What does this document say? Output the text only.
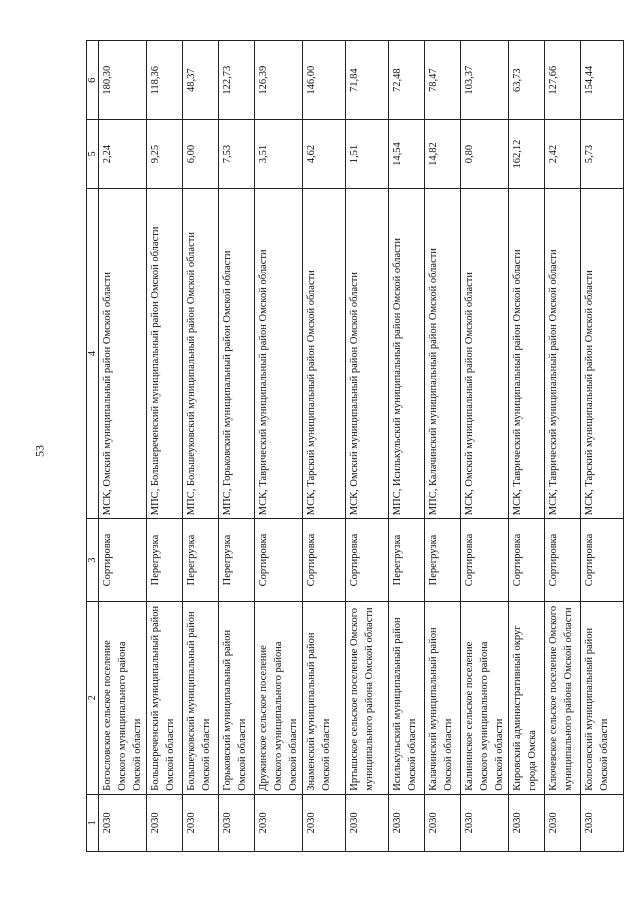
53
1	2	3	4	5	6
2030	Богословское сельское поселение Омского муниципального района Омской области	Сортировка	МСК, Омский муниципальный район Омской области	2,24	180,30
2030	Большереченский муниципальный район Омской области	Перегрузка	МПС, Большереченский муниципальный район Омской области	9,25	118,36
2030	Большеуковский муниципальный район Омской области	Перегрузка	МПС, Большеуковский муниципальный район Омской области	6,00	48,37
2030	Горьковский муниципальный район Омской области	Перегрузка	МПС, Горьковский муниципальный район Омской области	7,53	122,73
2030	Дружинское сельское поселение Омского муниципального района Омской области	Сортировка	МСК, Таврический муниципальный район Омской области	3,51	126,39
2030	Знаменский муниципальный район Омской области	Сортировка	МСК, Тарский муниципальный район Омской области	4,62	146,00
2030	Иртышское сельское поселение Омского муниципального района Омской области	Сортировка	МСК, Омский муниципальный район Омской области	1,51	71,84
2030	Исилькульский муниципальный район Омской области	Перегрузка	МПС, Исилькульский муниципальный район Омской области	14,54	72,48
2030	Калачинский муниципальный район Омской области	Перегрузка	МПС, Калачинский муниципальный район Омской области	14,82	78,47
2030	Калининское сельское поселение Омского муниципального района Омской области	Сортировка	МСК, Омский муниципальный район Омской области	0,80	103,37
2030	Кировский административный округ города Омска	Сортировка	МСК, Таврический муниципальный район Омской области	162,12	63,73
2030	Ключевское сельское поселение Омского муниципального района Омской области	Сортировка	МСК, Таврический муниципальный район Омской области	2,42	127,66
2030	Колосовский муниципальный район Омской области	Сортировка	МСК, Тарский муниципальный район Омской области	5,73	154,44
